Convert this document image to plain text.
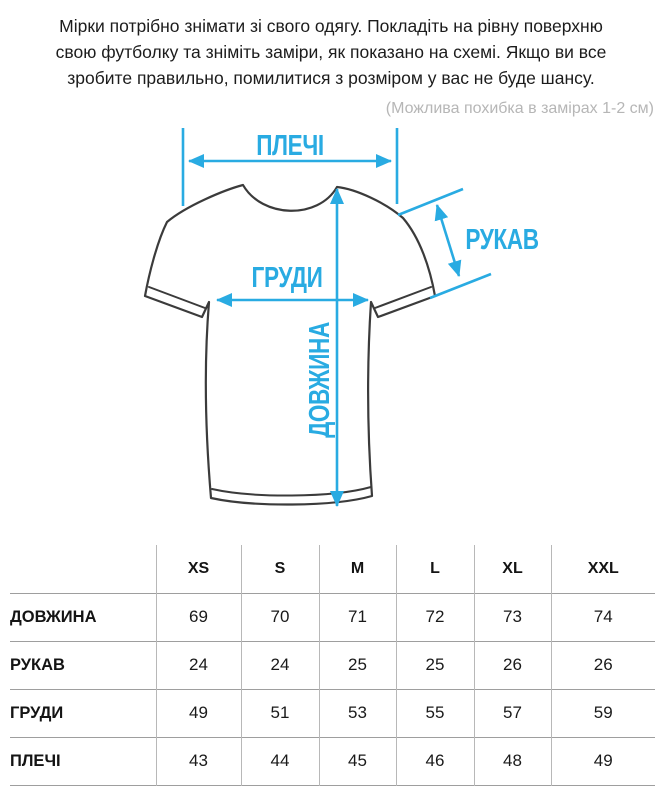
Мірки потрібно знімати зі свого одягу. Покладіть на рівну поверхню
свою футболку та зніміть заміри, як показано на схемі. Якщо ви все
зробите правильно, помилитися з розміром у вас не буде шансу.
(Можлива похибка в замірах 1-2 см)
ПЛЕЧІ
ГРУДИ
ДОВЖИНА
РУКАВ
	XS	S	M	L	XL	XXL
ДОВЖИНА	69	70	71	72	73	74
РУКАВ	24	24	25	25	26	26
ГРУДИ	49	51	53	55	57	59
ПЛЕЧІ	43	44	45	46	48	49
